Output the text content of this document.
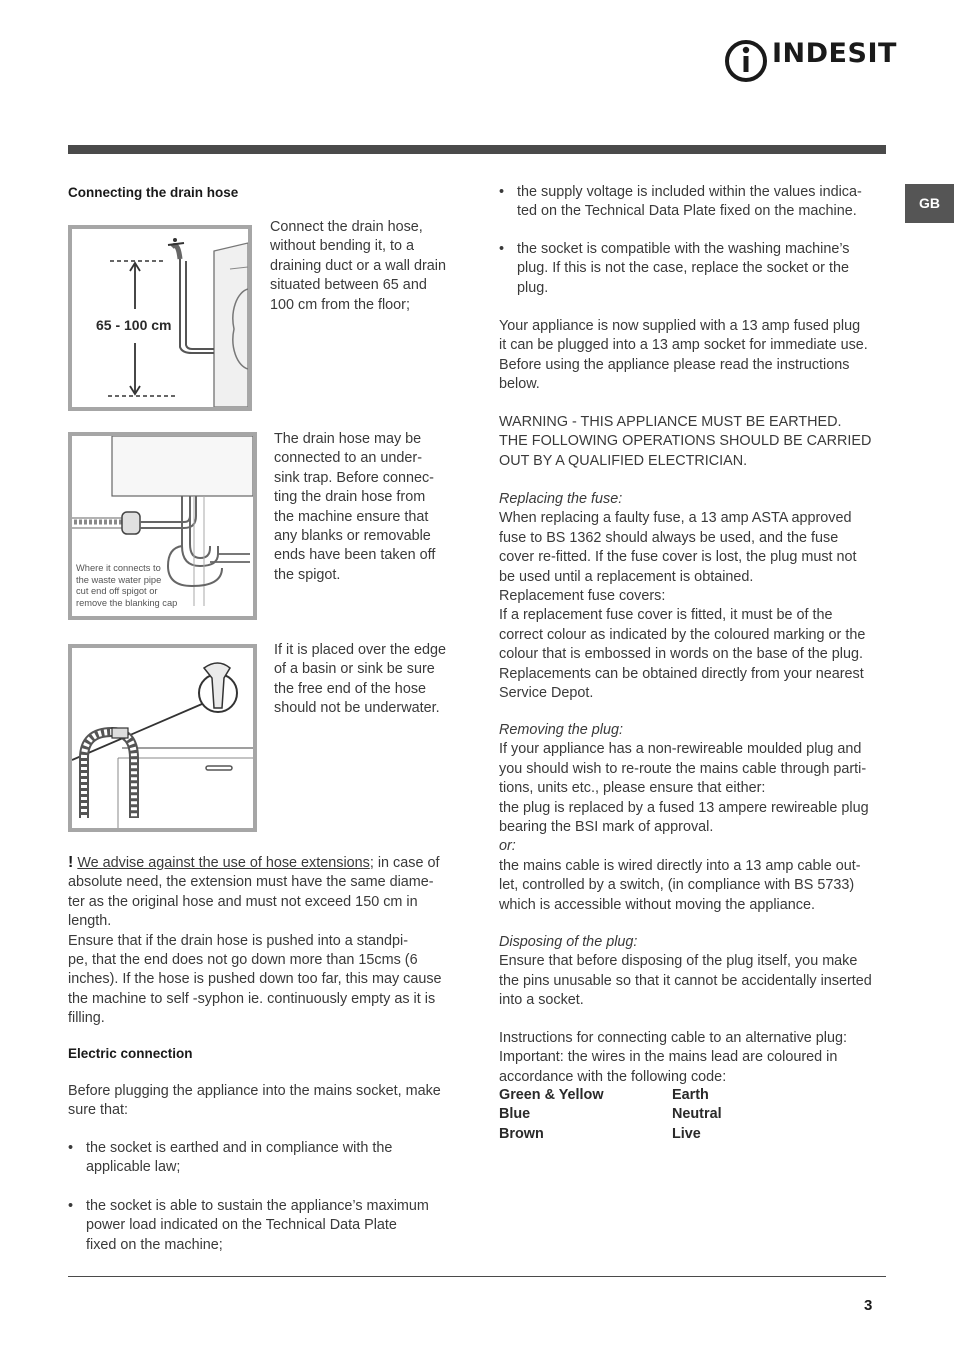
INDESIT
GB
Connecting the drain hose
65 - 100 cm

Connect the drain hose,
without bending it, to a
draining duct or a wall drain
situated between 65 and
100 cm from the floor;

Where it connects to
the waste water pipe
cut end off spigot or
remove the blanking cap

The drain hose may be
connected to an under-
sink trap. Before connec-
ting the drain hose from
the machine ensure that
any blanks or removable
ends have been taken off
the spigot.

If it is placed over the edge
of a basin or sink be sure
the free end of the hose
should not be underwater.

! We advise against the use of hose extensions; in case of
absolute need, the extension must have the same diame-
ter as the original hose and must not exceed 150 cm in
length.
Ensure that if the drain hose is pushed into a standpi-
pe, that the end does not go down more than 15cms (6
inches). If the hose is pushed down too far, this may cause
the machine to self -syphon ie. continuously empty as it is
filling.

Electric connection

Before plugging the appliance into the mains socket, make
sure that:

• the socket is earthed and in compliance with the
applicable law;
• the socket is able to sustain the appliance’s maximum
power load indicated on the Technical Data Plate
fixed on the machine;
• the supply voltage is included within the values indica-
ted on the Technical Data Plate fixed on the machine.
• the socket is compatible with the washing machine’s
plug. If this is not the case, replace the socket or the
plug.

Your appliance is now supplied with a 13 amp fused plug
it can be plugged into a 13 amp socket for immediate use.
Before using the appliance please read the instructions
below.

WARNING - THIS APPLIANCE MUST BE EARTHED.
THE FOLLOWING OPERATIONS SHOULD BE CARRIED
OUT BY A QUALIFIED ELECTRICIAN.

Replacing the fuse:
When replacing a faulty fuse, a 13 amp ASTA approved
fuse to BS 1362 should always be used, and the fuse
cover re-fitted. If the fuse cover is lost, the plug must not
be used until a replacement is obtained.
Replacement fuse covers:
If a replacement fuse cover is fitted, it must be of the
correct colour as indicated by the coloured marking or the
colour that is embossed in words on the base of the plug.
Replacements can be obtained directly from your nearest
Service Depot.

Removing the plug:
If your appliance has a non-rewireable moulded plug and
you should wish to re-route the mains cable through parti-
tions, units etc., please ensure that either:
the plug is replaced by a fused 13 ampere rewireable plug
bearing the BSI mark of approval.
or:
the mains cable is wired directly into a 13 amp cable out-
let, controlled by a switch, (in compliance with BS 5733)
which is accessible without moving the appliance.

Disposing of the plug:
Ensure that before disposing of the plug itself, you make
the pins unusable so that it cannot be accidentally inserted
into a socket.

Instructions for connecting cable to an alternative plug:
Important: the wires in the mains lead are coloured in
accordance with the following code:

Green & Yellow	Earth
Blue	Neutral
Brown	Live
3
